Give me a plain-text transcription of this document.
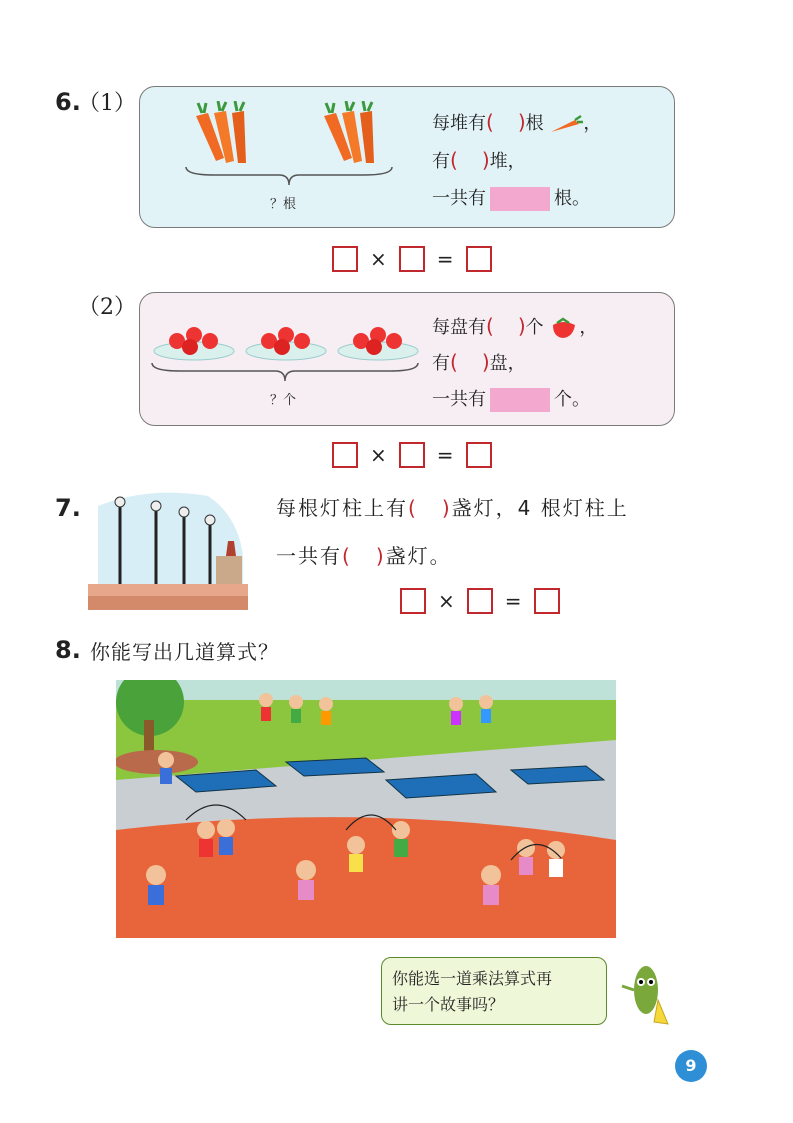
6.
（1）
？根
每堆有( )根 ，
有( )堆，
一共有	根。
×	=
（2）
？个
每盘有( )个 ，
有( )盘，
一共有	个。
×	=
7.	每根灯柱上有( )盏灯，4 根灯柱上
一共有( )盏灯。
×	=
8. 你能写出几道算式？
你能选一道乘法算式再
讲一个故事吗？
9
